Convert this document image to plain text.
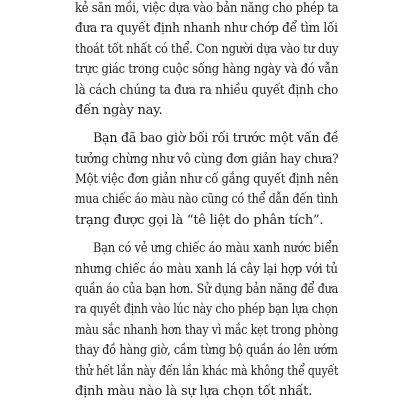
kẻ săn mồi, việc dựa vào bản năng cho phép ta

đưa ra quyết định nhanh như chớp để tìm lối

thoát tốt nhất có thể. Con người dựa vào tư duy

trực giác trong cuộc sống hàng ngày và đó vẫn

là cách chúng ta đưa ra nhiều quyết định cho

đến ngày nay.

Bạn đã bao giờ bối rối trước một vấn đề

tưởng chừng như vô cùng đơn giản hay chưa?

Một việc đơn giản như cố gắng quyết định nên

mua chiếc áo màu nào cũng có thể dẫn đến tình

trạng được gọi là “tê liệt do phân tích”.

Bạn có vẻ ưng chiếc áo màu xanh nước biển

nhưng chiếc áo màu xanh lá cây lại hợp với tủ

quần áo của bạn hơn. Sử dụng bản năng để đưa

ra quyết định vào lúc này cho phép bạn lựa chọn

màu sắc nhanh hơn thay vì mắc kẹt trong phòng

thay đồ hàng giờ, cầm từng bộ quần áo lên ướm

thử hết lần này đến lần khác mà không thể quyết

định màu nào là sự lựa chọn tốt nhất.
